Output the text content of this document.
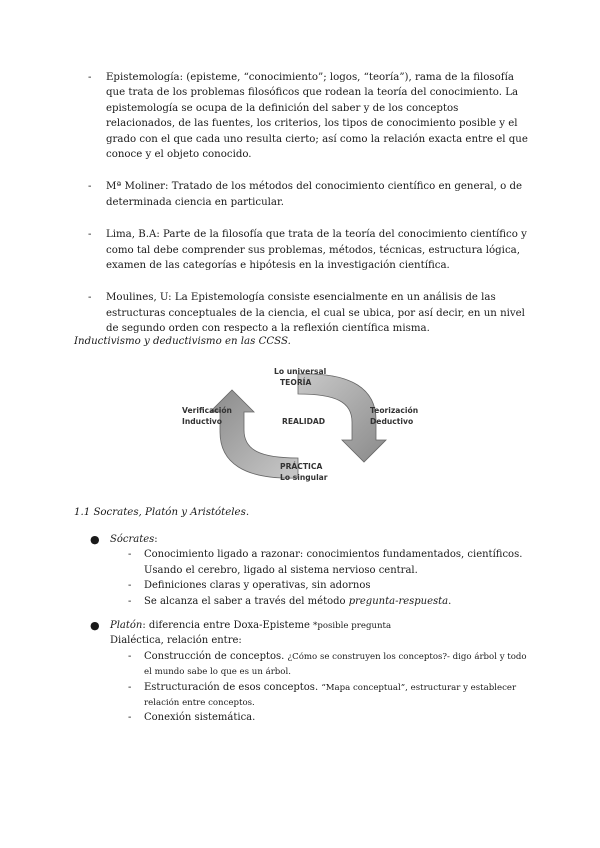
- Epistemología: (episteme, “conocimiento”; logos, “teoría”), rama de la filosofía que trata de los problemas filosóficos que rodean la teoría del conocimiento. La epistemología se ocupa de la definición del saber y de los conceptos relacionados, de las fuentes, los criterios, los tipos de conocimiento posible y el grado con el que cada uno resulta cierto; así como la relación exacta entre el que conoce y el objeto conocido.

- Mª Moliner: Tratado de los métodos del conocimiento científico en general, o de determinada ciencia en particular.

- Lima, B.A: Parte de la filosofía que trata de la teoría del conocimiento científico y como tal debe comprender sus problemas, métodos, técnicas, estructura lógica, examen de las categorías e hipótesis en la investigación científica.

- Moulines, U: La Epistemología consiste esencialmente en un análisis de las estructuras conceptuales de la ciencia, el cual se ubica, por así decir, en un nivel de segundo orden con respecto a la reflexión científica misma.

Inductivismo y deductivismo en las CCSS.

Lo universal
TEORÍA
Verificación
Inductivo	REALIDAD
Teorización
Deductivo
PRÁCTICA
Lo singular

1.1 Socrates, Platón y Aristóteles.

●	Sócrates:
- Conocimiento ligado a razonar: conocimientos fundamentados, científicos. Usando el cerebro, ligado al sistema nervioso central.
- Definiciones claras y operativas, sin adornos
- Se alcanza el saber a través del método pregunta-respuesta.
●	Platón: diferencia entre Doxa-Episteme *posible pregunta
Dialéctica, relación entre:
- Construcción de conceptos. ¿Cómo se construyen los conceptos?- digo árbol y todo el mundo sabe lo que es un árbol.
- Estructuración de esos conceptos. “Mapa conceptual”, estructurar y establecer relación entre conceptos.
- Conexión sistemática.
